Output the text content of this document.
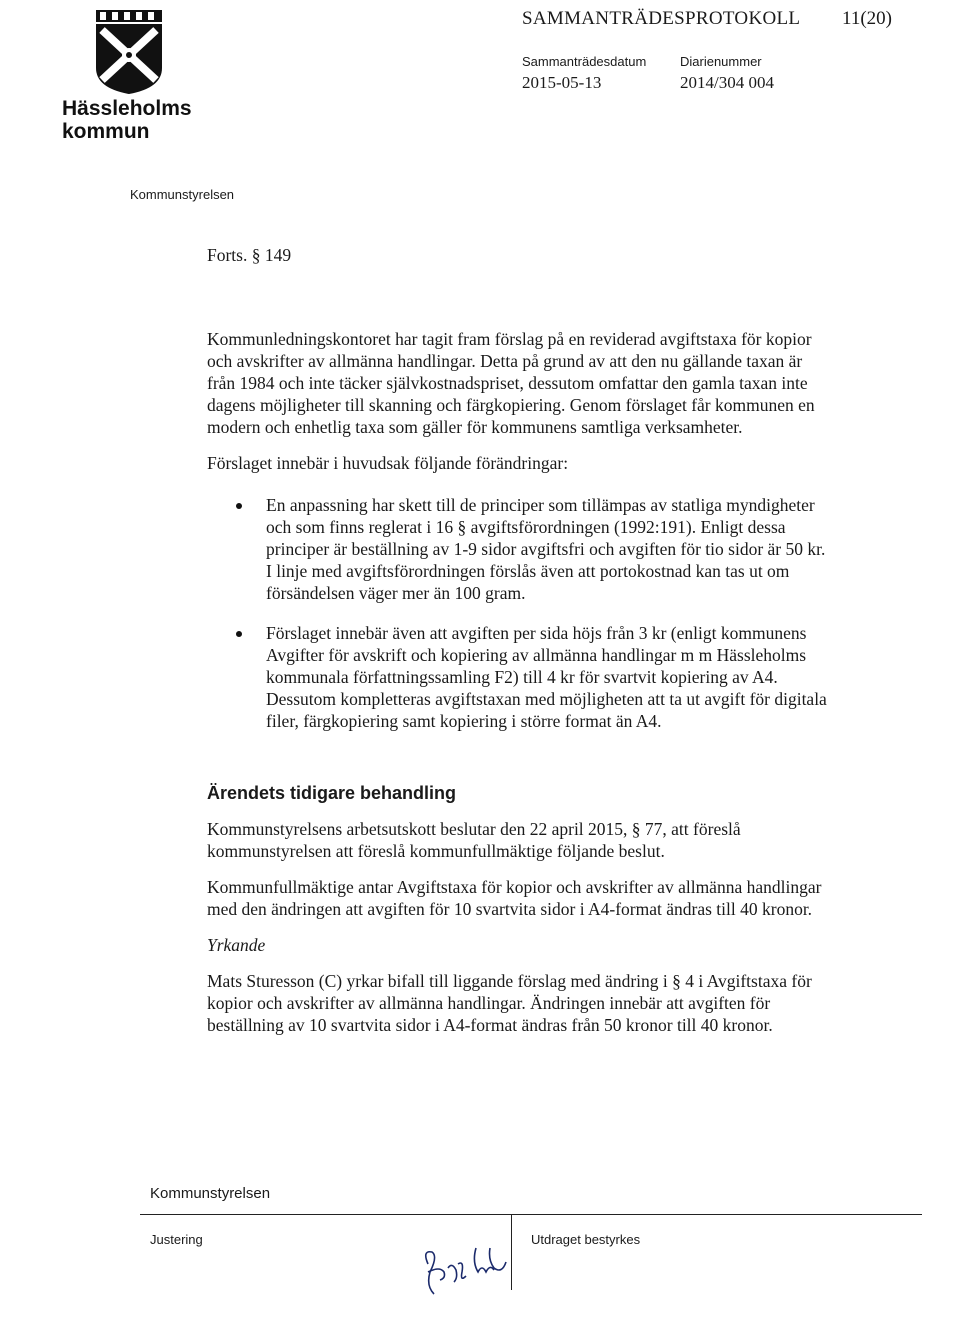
Hässleholms
kommun
SAMMANTRÄDESPROTOKOLL	11(20)
Sammanträdesdatum
2015-05-13
Diarienummer
2014/304 004
Kommunstyrelsen

Forts. § 149

Kommunledningskontoret har tagit fram förslag på en reviderad avgiftstaxa för kopior och avskrifter av allmänna handlingar. Detta på grund av att den nu gällande taxan är från 1984 och inte täcker självkostnadspriset, dessutom omfattar den gamla taxan inte dagens möjligheter till skanning och färgkopiering. Genom förslaget får kommunen en modern och enhetlig taxa som gäller för kommunens samtliga verksamheter.

Förslaget innebär i huvudsak följande förändringar:

En anpassning har skett till de principer som tillämpas av statliga myndigheter och som finns reglerat i 16 § avgiftsförordningen (1992:191). Enligt dessa principer är beställning av 1-9 sidor avgiftsfri och avgiften för tio sidor är 50 kr. I linje med avgiftsförordningen förslås även att portokostnad kan tas ut om försändelsen väger mer än 100 gram.
Förslaget innebär även att avgiften per sida höjs från 3 kr (enligt kommunens Avgifter för avskrift och kopiering av allmänna handlingar m m Hässleholms kommunala författningssamling F2) till 4 kr för svartvit kopiering av A4. Dessutom kompletteras avgiftstaxan med möjligheten att ta ut avgift för digitala filer, färgkopiering samt kopiering i större format än A4.

Ärendets tidigare behandling

Kommunstyrelsens arbetsutskott beslutar den 22 april 2015, § 77, att föreslå kommunstyrelsen att föreslå kommunfullmäktige följande beslut.

Kommunfullmäktige antar Avgiftstaxa för kopior och avskrifter av allmänna handlingar med den ändringen att avgiften för 10 svartvita sidor i A4-format ändras till 40 kronor.

Yrkande

Mats Sturesson (C) yrkar bifall till liggande förslag med ändring i § 4 i Avgiftstaxa för kopior och avskrifter av allmänna handlingar. Ändringen innebär att avgiften för beställning av 10 svartvita sidor i A4-format ändras från 50 kronor till 40 kronor.

Kommunstyrelsen
Justering	Utdraget bestyrkes
